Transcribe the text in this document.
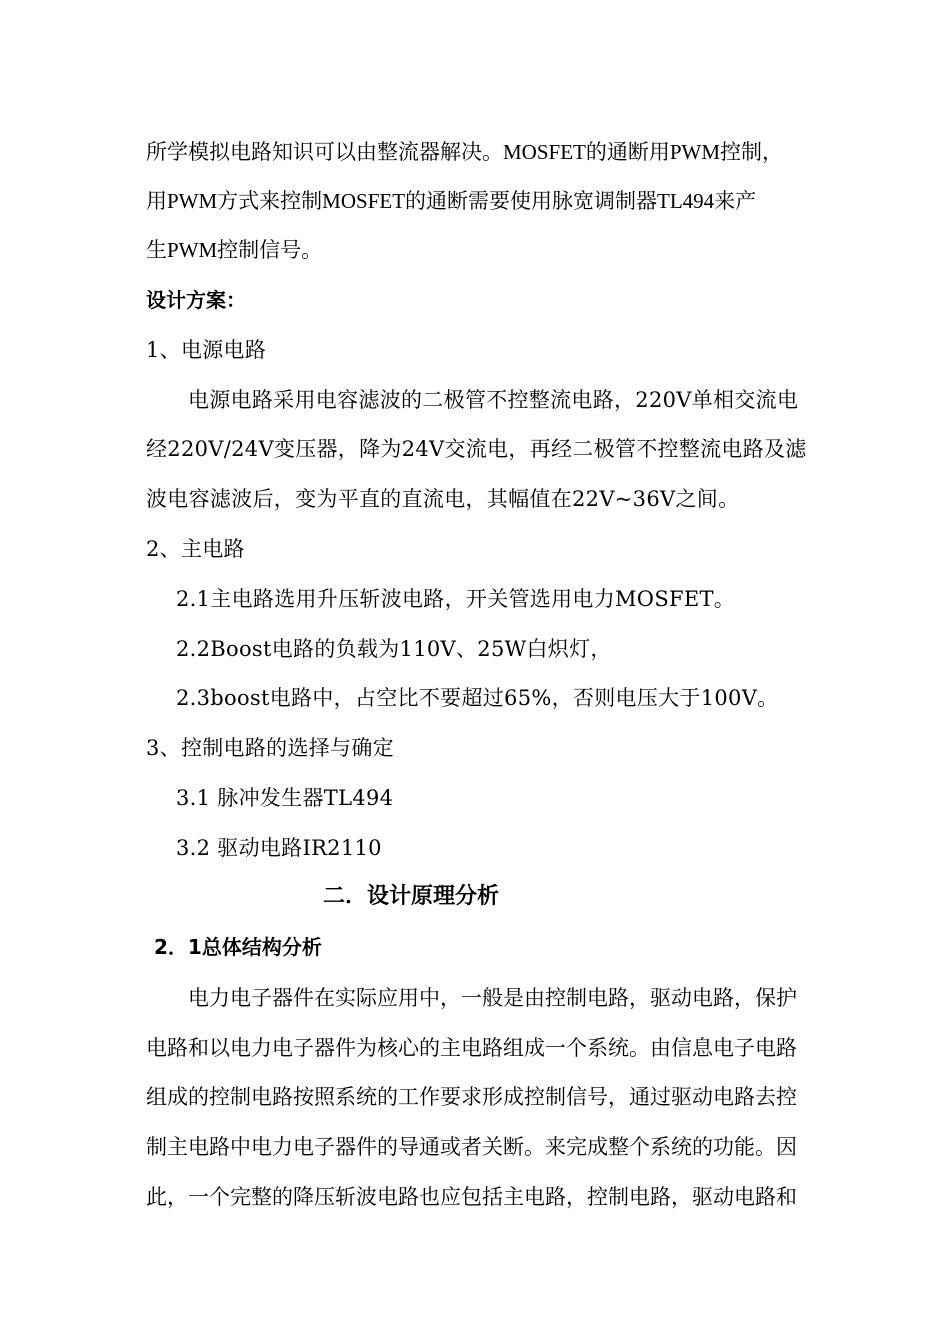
所学模拟电路知识可以由整流器解决。MOSFET的通断用PWM控制，
用PWM方式来控制MOSFET的通断需要使用脉宽调制器TL494来产
生PWM控制信号。
设计方案：
1、电源电路
电源电路采用电容滤波的二极管不控整流电路，220V单相交流电
经220V/24V变压器，降为24V交流电，再经二极管不控整流电路及滤
波电容滤波后，变为平直的直流电，其幅值在22V~36V之间。
2、主电路
2.1主电路选用升压斩波电路，开关管选用电力MOSFET。
2.2Boost电路的负载为110V、25W白炽灯，
2.3boost电路中，占空比不要超过65%，否则电压大于100V。
3、控制电路的选择与确定
3.1 脉冲发生器TL494
3.2 驱动电路IR2110
二．设计原理分析
2．1总体结构分析
电力电子器件在实际应用中，一般是由控制电路，驱动电路，保护
电路和以电力电子器件为核心的主电路组成一个系统。由信息电子电路
组成的控制电路按照系统的工作要求形成控制信号，通过驱动电路去控
制主电路中电力电子器件的导通或者关断。来完成整个系统的功能。因
此，一个完整的降压斩波电路也应包括主电路，控制电路，驱动电路和
